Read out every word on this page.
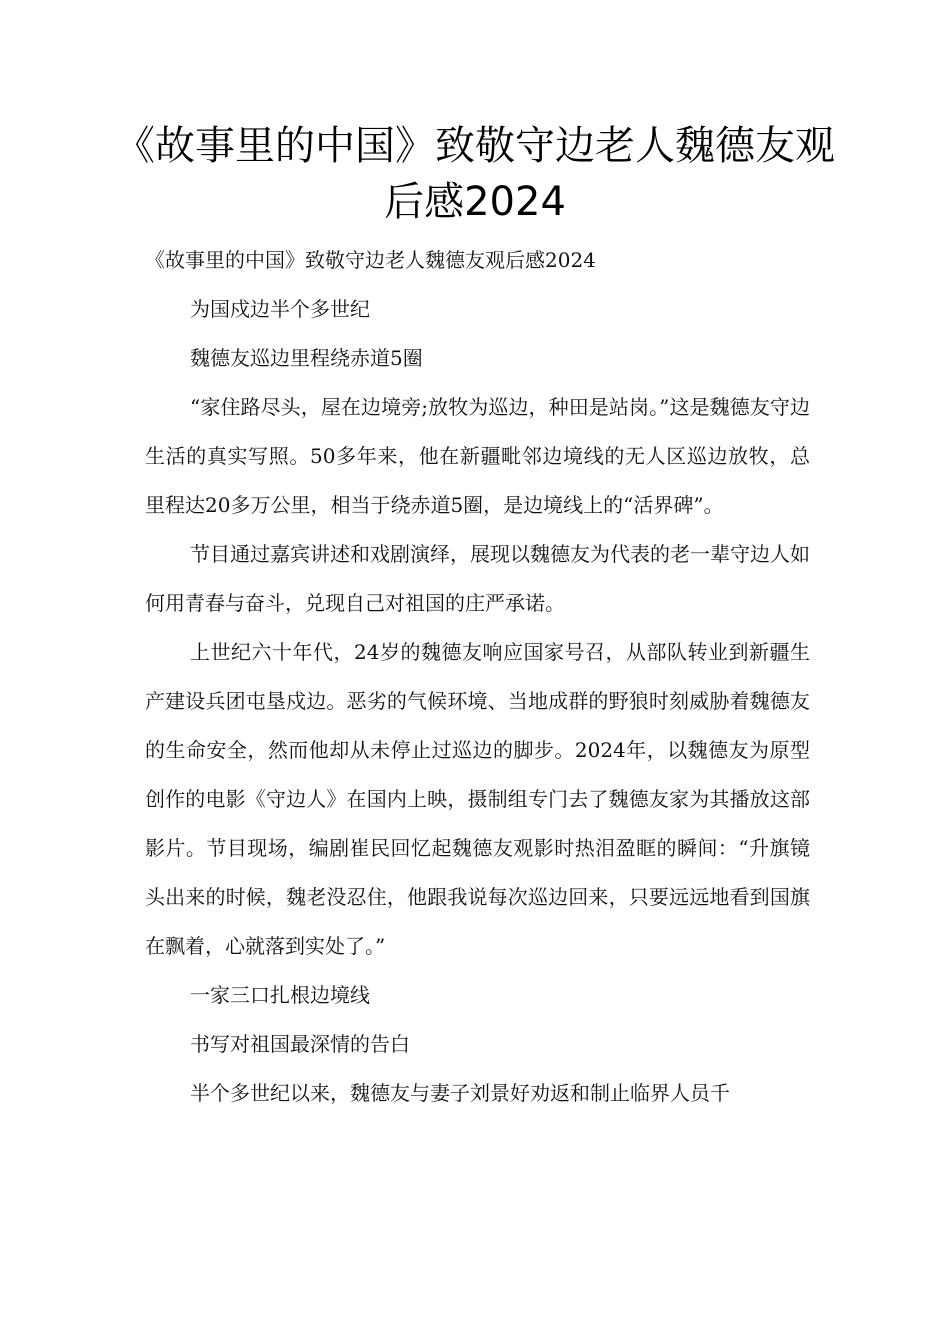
《故事里的中国》致敬守边老人魏德友观后感2024

《故事里的中国》致敬守边老人魏德友观后感2024

为国戍边半个多世纪

魏德友巡边里程绕赤道5圈

“家住路尽头，屋在边境旁;放牧为巡边，种田是站岗。”这是魏德友守边生活的真实写照。50多年来，他在新疆毗邻边境线的无人区巡边放牧，总里程达20多万公里，相当于绕赤道5圈，是边境线上的“活界碑”。

节目通过嘉宾讲述和戏剧演绎，展现以魏德友为代表的老一辈守边人如何用青春与奋斗，兑现自己对祖国的庄严承诺。

上世纪六十年代，24岁的魏德友响应国家号召，从部队转业到新疆生产建设兵团屯垦戍边。恶劣的气候环境、当地成群的野狼时刻威胁着魏德友的生命安全，然而他却从未停止过巡边的脚步。2024年，以魏德友为原型创作的电影《守边人》在国内上映，摄制组专门去了魏德友家为其播放这部影片。节目现场，编剧崔民回忆起魏德友观影时热泪盈眶的瞬间：“升旗镜头出来的时候，魏老没忍住，他跟我说每次巡边回来，只要远远地看到国旗在飘着，心就落到实处了。”

一家三口扎根边境线

书写对祖国最深情的告白

半个多世纪以来，魏德友与妻子刘景好劝返和制止临界人员千
